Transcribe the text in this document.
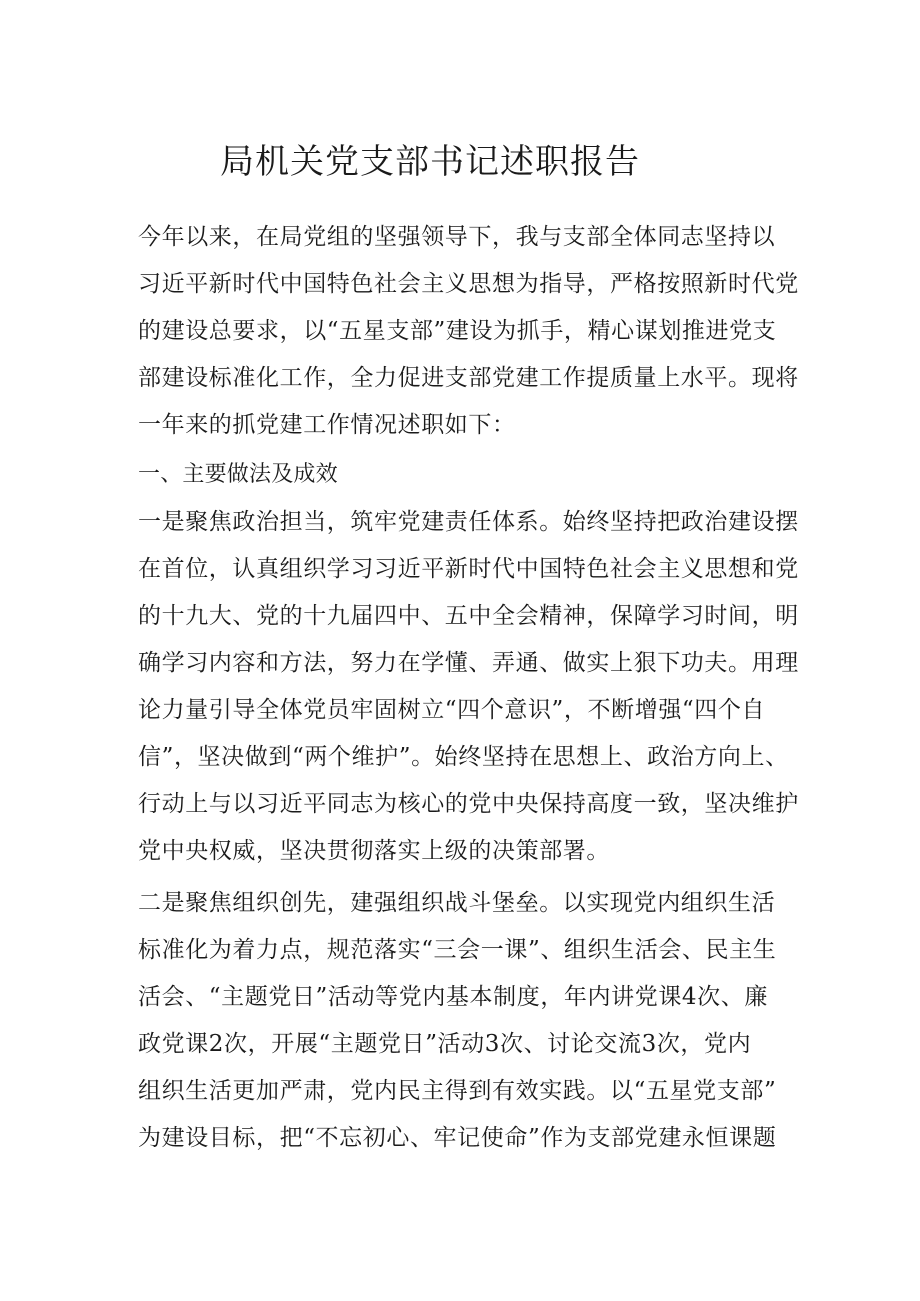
局机关党支部书记述职报告

今年以来，在局党组的坚强领导下，我与支部全体同志坚持以

习近平新时代中国特色社会主义思想为指导，严格按照新时代党

的建设总要求，以“五星支部”建设为抓手，精心谋划推进党支

部建设标准化工作，全力促进支部党建工作提质量上水平。现将

一年来的抓党建工作情况述职如下：

一、主要做法及成效

一是聚焦政治担当，筑牢党建责任体系。始终坚持把政治建设摆

在首位，认真组织学习习近平新时代中国特色社会主义思想和党

的十九大、党的十九届四中、五中全会精神，保障学习时间，明

确学习内容和方法，努力在学懂、弄通、做实上狠下功夫。用理

论力量引导全体党员牢固树立“四个意识”，不断增强“四个自

信”，坚决做到“两个维护”。始终坚持在思想上、政治方向上、

行动上与以习近平同志为核心的党中央保持高度一致，坚决维护

党中央权威，坚决贯彻落实上级的决策部署。

二是聚焦组织创先，建强组织战斗堡垒。以实现党内组织生活

标准化为着力点，规范落实“三会一课”、组织生活会、民主生

活会、“主题党日”活动等党内基本制度，年内讲党课4次、廉

政党课2次，开展“主题党日”活动3次、讨论交流3次，党内

组织生活更加严肃，党内民主得到有效实践。以“五星党支部”

为建设目标，把“不忘初心、牢记使命”作为支部党建永恒课题
